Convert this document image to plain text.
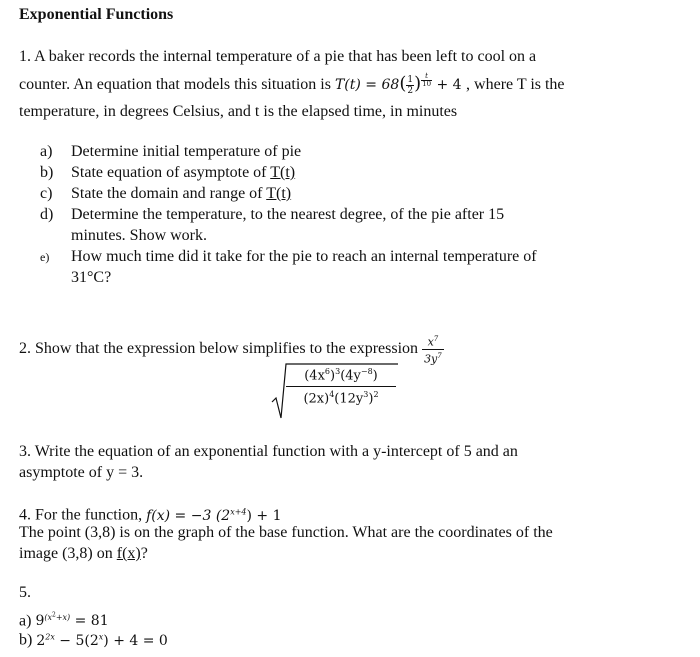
Exponential Functions
1. A baker records the internal temperature of a pie that has been left to cool on a
counter. An equation that models this situation is $T(t) = 68( \frac{1}{2}$ ) $^{\frac{t}{10}}$ + 4 , where T is the
temperature, in degrees Celsius, and t is the elapsed time, in minutes
a) Determine initial temperature of pie
b) State equation of asymptote of T(t)
c) State the domain and range of T(t)
d) Determine the temperature, to the nearest degree, of the pie after 15
minutes. Show work.
e) How much time did it take for the pie to reach an internal temperature of
31°C?
2. Show that the expression below simplifies to the expression $\frac{x^7}{3y^7}$
$\frac{(4x^6)^3(4y^{-8})}{(2x)^4(12y^3)^2}$
3. Write the equation of an exponential function with a y-intercept of 5 and an
asymptote of y = 3.
4. For the function, f(x) = −3 $(2^{x+4}) + 1$
The point (3,8) is on the graph of the base function. What are the coordinates of the
image (3,8) on f(x)?
5.
a) $9^{(x^2+x)} = 81$
b) $2^{2x} - 5(2^x) + 4 = 0$
